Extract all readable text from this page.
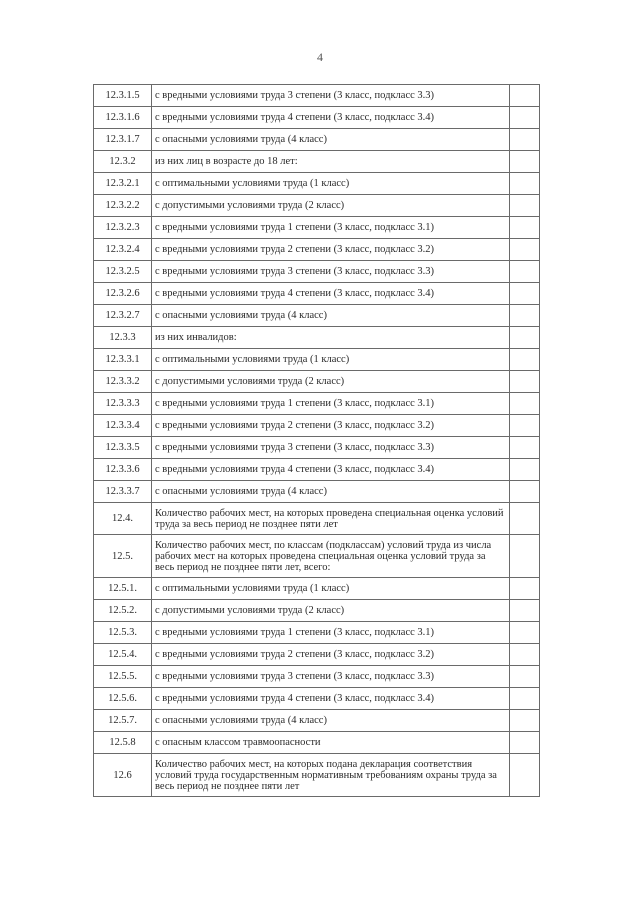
4
12.3.1.5	с вредными условиями труда 3 степени (3 класс, подкласс 3.3)	
12.3.1.6	с вредными условиями труда 4 степени (3 класс, подкласс 3.4)	
12.3.1.7	с опасными условиями труда (4 класс)	
12.3.2	из них лиц в возрасте до 18 лет:	
12.3.2.1	с оптимальными условиями труда (1 класс)	
12.3.2.2	с допустимыми условиями труда (2 класс)	
12.3.2.3	с вредными условиями труда 1 степени (3 класс, подкласс 3.1)	
12.3.2.4	с вредными условиями труда 2 степени (3 класс, подкласс 3.2)	
12.3.2.5	с вредными условиями труда 3 степени (3 класс, подкласс 3.3)	
12.3.2.6	с вредными условиями труда 4 степени (3 класс, подкласс 3.4)	
12.3.2.7	с опасными условиями труда (4 класс)	
12.3.3	из них инвалидов:	
12.3.3.1	с оптимальными условиями труда (1 класс)	
12.3.3.2	с допустимыми условиями труда (2 класс)	
12.3.3.3	с вредными условиями труда 1 степени (3 класс, подкласс 3.1)	
12.3.3.4	с вредными условиями труда 2 степени (3 класс, подкласс 3.2)	
12.3.3.5	с вредными условиями труда 3 степени (3 класс, подкласс 3.3)	
12.3.3.6	с вредными условиями труда 4 степени (3 класс, подкласс 3.4)	
12.3.3.7	с опасными условиями труда (4 класс)	
12.4.	Количество рабочих мест, на которых проведена специальная оценка условий труда за весь период не позднее пяти лет	
12.5.	Количество рабочих мест, по классам (подклассам) условий труда из числа рабочих мест на которых проведена специальная оценка условий труда за весь период не позднее пяти лет, всего:	
12.5.1.	с оптимальными условиями труда (1 класс)	
12.5.2.	с допустимыми условиями труда (2 класс)	
12.5.3.	с вредными условиями труда 1 степени (3 класс, подкласс 3.1)	
12.5.4.	с вредными условиями труда 2 степени (3 класс, подкласс 3.2)	
12.5.5.	с вредными условиями труда 3 степени (3 класс, подкласс 3.3)	
12.5.6.	с вредными условиями труда 4 степени (3 класс, подкласс 3.4)	
12.5.7.	с опасными условиями труда (4 класс)	
12.5.8	с опасным классом травмоопасности	
12.6	Количество рабочих мест, на которых подана декларация соответствия условий труда государственным нормативным требованиям охраны труда за весь период не позднее пяти лет	
